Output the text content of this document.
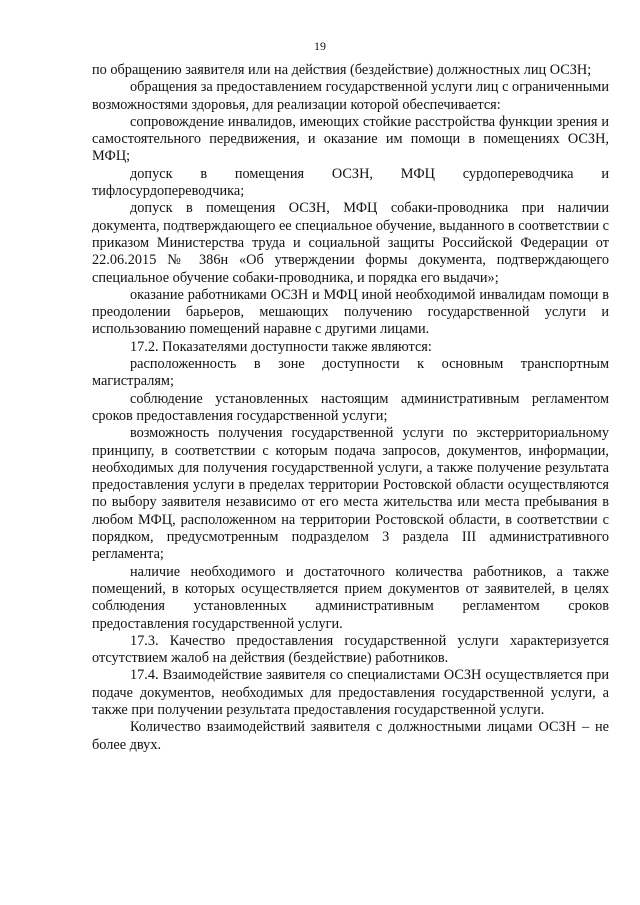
19

по обращению заявителя или на действия (бездействие) должностных лиц ОСЗН;

обращения за предоставлением государственной услуги лиц с ограниченными возможностями здоровья, для реализации которой обеспечивается:

сопровождение инвалидов, имеющих стойкие расстройства функции зрения и самостоятельного передвижения, и оказание им помощи в помещениях ОСЗН, МФЦ;

допуск в помещения ОСЗН, МФЦ сурдопереводчика и тифлосурдопереводчика;

допуск в помещения ОСЗН, МФЦ собаки-проводника при наличии документа, подтверждающего ее специальное обучение, выданного в соответствии с приказом Министерства труда и социальной защиты Российской Федерации от 22.06.2015 № 386н «Об утверждении формы документа, подтверждающего специальное обучение собаки-проводника, и порядка его выдачи»;

оказание работниками ОСЗН и МФЦ иной необходимой инвалидам помощи в преодолении барьеров, мешающих получению государственной услуги и использованию помещений наравне с другими лицами.

17.2. Показателями доступности также являются:

расположенность в зоне доступности к основным транспортным магистралям;

соблюдение установленных настоящим административным регламентом сроков предоставления государственной услуги;

возможность получения государственной услуги по экстерриториальному принципу, в соответствии с которым подача запросов, документов, информации, необходимых для получения государственной услуги, а также получение результата предоставления услуги в пределах территории Ростовской области осуществляются по выбору заявителя независимо от его места жительства или места пребывания в любом МФЦ, расположенном на территории Ростовской области, в соответствии с порядком, предусмотренным подразделом 3 раздела III административного регламента;

наличие необходимого и достаточного количества работников, а также помещений, в которых осуществляется прием документов от заявителей, в целях соблюдения установленных административным регламентом сроков предоставления государственной услуги.

17.3. Качество предоставления государственной услуги характеризуется отсутствием жалоб на действия (бездействие) работников.

17.4. Взаимодействие заявителя со специалистами ОСЗН осуществляется при подаче документов, необходимых для предоставления государственной услуги, а также при получении результата предоставления государственной услуги.

Количество взаимодействий заявителя с должностными лицами ОСЗН – не более двух.
